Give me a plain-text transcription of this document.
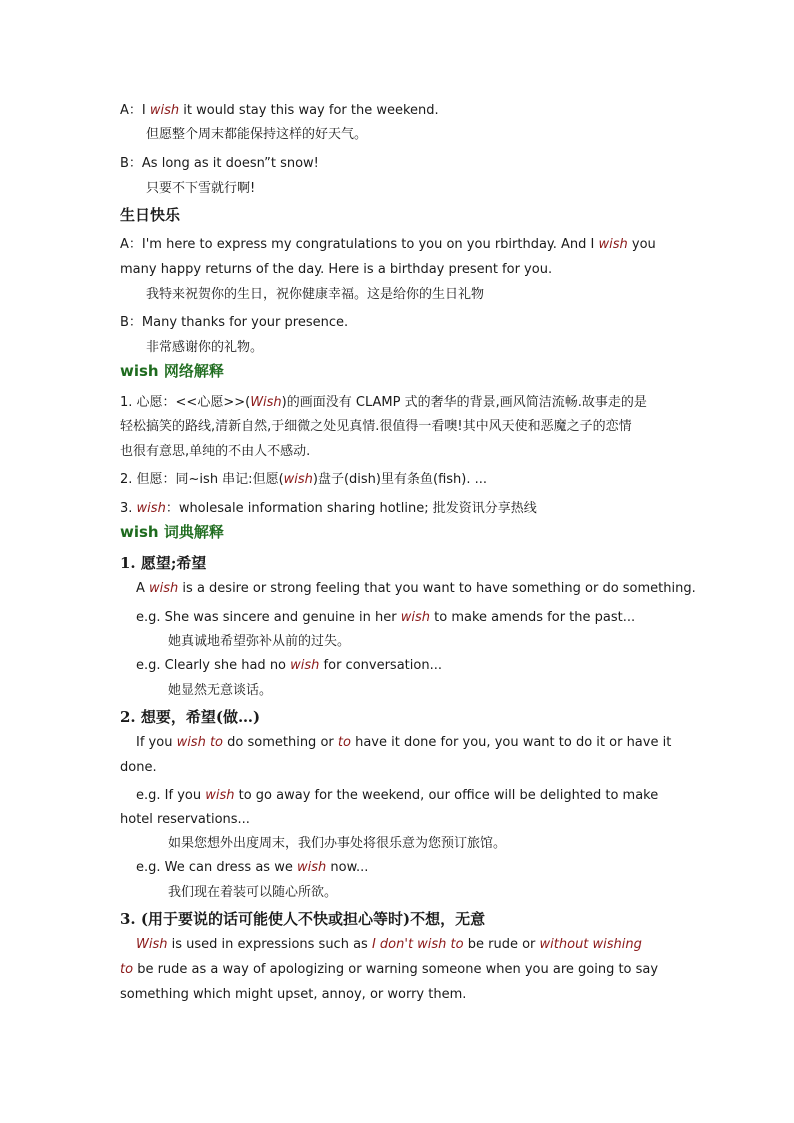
A：I wish it would stay this way for the weekend.
但愿整个周末都能保持这样的好天气。
B：As long as it doesn”t snow!
只要不下雪就行啊!
生日快乐
A：I'm here to express my congratulations to you on you rbirthday. And I wish you
many happy returns of the day. Here is a birthday present for you.
我特来祝贺你的生日，祝你健康幸福。这是给你的生日礼物
B：Many thanks for your presence.
非常感谢你的礼物。
wish 网络解释
1. 心愿：<<心愿>>(Wish)的画面没有 CLAMP 式的奢华的背景,画风简洁流畅.故事走的是
轻松搞笑的路线,清新自然,于细微之处见真情.很值得一看噢!其中风天使和恶魔之子的恋情
也很有意思,单纯的不由人不感动.
2. 但愿：同~ish 串记:但愿(wish)盘子(dish)里有条鱼(fish). ...
3. wish：wholesale information sharing hotline; 批发资讯分享热线
wish 词典解释
1. 愿望;希望
A wish is a desire or strong feeling that you want to have something or do something.
e.g. She was sincere and genuine in her wish to make amends for the past...
她真诚地希望弥补从前的过失。
e.g. Clearly she had no wish for conversation...
她显然无意谈话。
2. 想要，希望(做…)
If you wish to do something or to have it done for you, you want to do it or have it
done.
e.g. If you wish to go away for the weekend, our office will be delighted to make
hotel reservations...
如果您想外出度周末，我们办事处将很乐意为您预订旅馆。
e.g. We can dress as we wish now...
我们现在着装可以随心所欲。
3. (用于要说的话可能使人不快或担心等时)不想，无意
Wish is used in expressions such as I don't wish to be rude or without wishing
to be rude as a way of apologizing or warning someone when you are going to say
something which might upset, annoy, or worry them.
